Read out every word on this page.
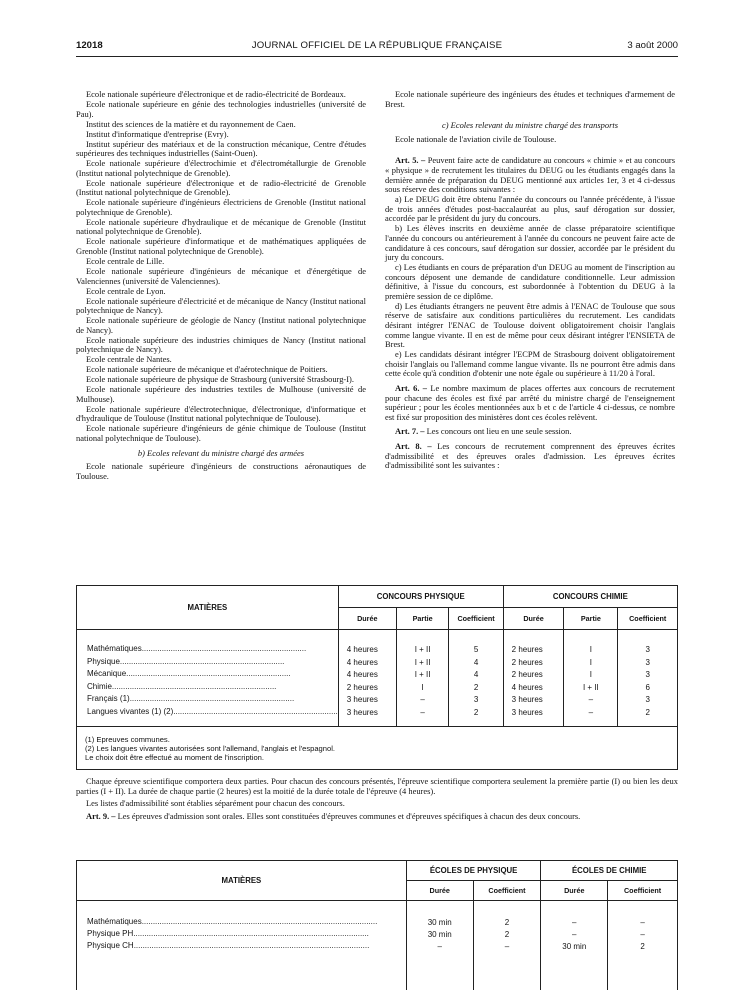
12018	JOURNAL OFFICIEL DE LA RÉPUBLIQUE FRANÇAISE	3 août 2000

Ecole nationale supérieure d'électronique et de radio-électricité de Bordeaux.

Ecole nationale supérieure en génie des technologies industrielles (université de Pau).

Institut des sciences de la matière et du rayonnement de Caen.

Institut d'informatique d'entreprise (Evry).

Institut supérieur des matériaux et de la construction mécanique, Centre d'études supérieures des techniques industrielles (Saint-Ouen).

Ecole nationale supérieure d'électrochimie et d'électrométallurgie de Grenoble (Institut national polytechnique de Grenoble).

Ecole nationale supérieure d'électronique et de radio-électricité de Grenoble (Institut national polytechnique de Grenoble).

Ecole nationale supérieure d'ingénieurs électriciens de Grenoble (Institut national polytechnique de Grenoble).

Ecole nationale supérieure d'hydraulique et de mécanique de Grenoble (Institut national polytechnique de Grenoble).

Ecole nationale supérieure d'informatique et de mathématiques appliquées de Grenoble (Institut national polytechnique de Grenoble).

Ecole centrale de Lille.

Ecole nationale supérieure d'ingénieurs de mécanique et d'énergétique de Valenciennes (université de Valenciennes).

Ecole centrale de Lyon.

Ecole nationale supérieure d'électricité et de mécanique de Nancy (Institut national polytechnique de Nancy).

Ecole nationale supérieure de géologie de Nancy (Institut national polytechnique de Nancy).

Ecole nationale supérieure des industries chimiques de Nancy (Institut national polytechnique de Nancy).

Ecole centrale de Nantes.

Ecole nationale supérieure de mécanique et d'aérotechnique de Poitiers.

Ecole nationale supérieure de physique de Strasbourg (université Strasbourg-I).

Ecole nationale supérieure des industries textiles de Mulhouse (université de Mulhouse).

Ecole nationale supérieure d'électrotechnique, d'électronique, d'informatique et d'hydraulique de Toulouse (Institut national polytechnique de Toulouse).

Ecole nationale supérieure d'ingénieurs de génie chimique de Toulouse (Institut national polytechnique de Toulouse).

b) Ecoles relevant du ministre chargé des armées

Ecole nationale supérieure d'ingénieurs de constructions aéronautiques de Toulouse.

Ecole nationale supérieure des ingénieurs des études et techniques d'armement de Brest.

c) Ecoles relevant du ministre chargé des transports

Ecole nationale de l'aviation civile de Toulouse.

Art. 5. – Peuvent faire acte de candidature au concours « chimie » et au concours « physique » de recrutement les titulaires du DEUG ou les étudiants engagés dans la dernière année de préparation du DEUG mentionné aux articles 1er, 3 et 4 ci-dessus sous réserve des conditions suivantes :

a) Le DEUG doit être obtenu l'année du concours ou l'année précédente, à l'issue de trois années d'études post-baccalauréat au plus, sauf dérogation sur dossier, accordée par le président du jury du concours.

b) Les élèves inscrits en deuxième année de classe préparatoire scientifique l'année du concours ou antérieurement à l'année du concours ne peuvent faire acte de candidature à ces concours, sauf dérogation sur dossier, accordée par le président du jury du concours.

c) Les étudiants en cours de préparation d'un DEUG au moment de l'inscription au concours déposent une demande de candidature conditionnelle. Leur admission définitive, à l'issue du concours, est subordonnée à l'obtention du DEUG à la première session de ce diplôme.

d) Les étudiants étrangers ne peuvent être admis à l'ENAC de Toulouse que sous réserve de satisfaire aux conditions particulières du recrutement. Les candidats désirant intégrer l'ENAC de Toulouse doivent obligatoirement choisir l'anglais comme langue vivante. Il en est de même pour ceux désirant intégrer l'ENSIETA de Brest.

e) Les candidats désirant intégrer l'ECPM de Strasbourg doivent obligatoirement choisir l'anglais ou l'allemand comme langue vivante. Ils ne pourront être admis dans cette école qu'à condition d'obtenir une note égale ou supérieure à 11/20 à l'oral.

Art. 6. – Le nombre maximum de places offertes aux concours de recrutement pour chacune des écoles est fixé par arrêté du ministre chargé de l'enseignement supérieur ; pour les écoles mentionnées aux b et c de l'article 4 ci-dessus, ce nombre est fixé sur proposition des ministères dont ces écoles relèvent.

Art. 7. – Les concours ont lieu en une seule session.

Art. 8. – Les concours de recrutement comprennent des épreuves écrites d'admissibilité et des épreuves orales d'admission. Les épreuves écrites d'admissibilité sont les suivantes :

MATIÈRES	CONCOURS PHYSIQUE			CONCOURS CHIMIE		
	Durée	Partie	Coefficient	Durée	Partie	Coefficient

Mathématiques..........................................................................	4 heures	I + II	5	2 heures	I	3
Physique..........................................................................	4 heures	I + II	4	2 heures	I	3
Mécanique..........................................................................	4 heures	I + II	4	2 heures	I	3
Chimie..........................................................................	2 heures	I	2	4 heures	I + II	6
Français (1)..........................................................................	3 heures	–	3	3 heures	–	3
Langues vivantes (1) (2)..........................................................................	3 heures	–	2	3 heures	–	2

(1) Epreuves communes.
(2) Les langues vivantes autorisées sont l'allemand, l'anglais et l'espagnol.
Le choix doit être effectué au moment de l'inscription.						

Chaque épreuve scientifique comportera deux parties. Pour chacun des concours présentés, l'épreuve scientifique comportera seulement la première partie (I) ou bien les deux parties (I + II). La durée de chaque partie (2 heures) est la moitié de la durée totale de l'épreuve (4 heures).

Les listes d'admissibilité sont établies séparément pour chacun des concours.

Art. 9. – Les épreuves d'admission sont orales. Elles sont constituées d'épreuves communes et d'épreuves spécifiques à chacun des deux concours.

MATIÈRES	ÉCOLES DE PHYSIQUE		ÉCOLES DE CHIMIE	
	Durée	Coefficient	Durée	Coefficient

Mathématiques..........................................................................................................	30 min	2	–	–
Physique PH..........................................................................................................	30 min	2	–	–
Physique CH..........................................................................................................	–	–	30 min	2
